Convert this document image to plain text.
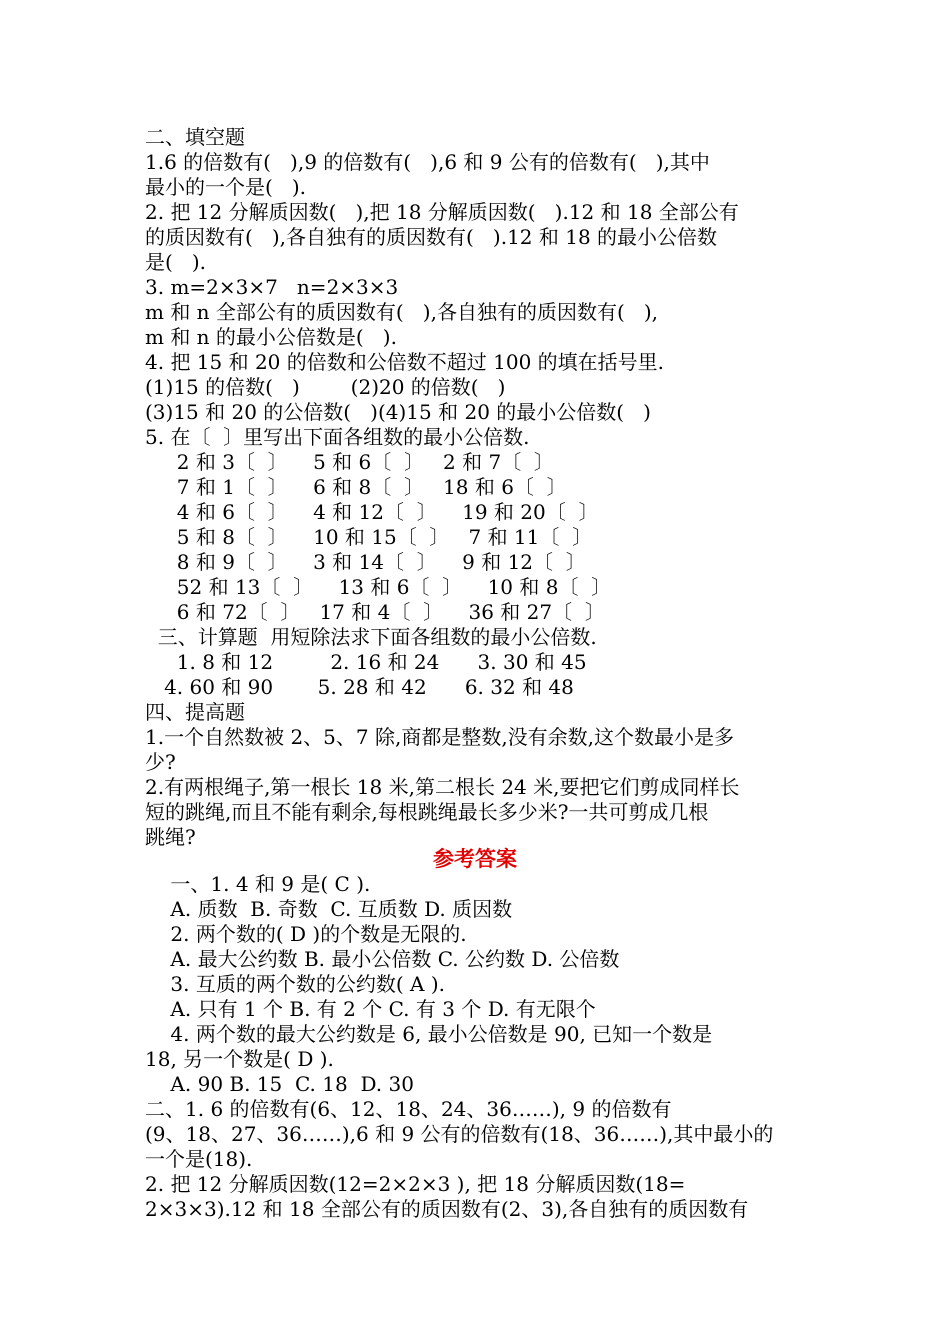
二、填空题
1.6 的倍数有(   ),9 的倍数有(   ),6 和 9 公有的倍数有(   ),其中
最小的一个是(   ).
2. 把 12 分解质因数(   ),把 18 分解质因数(   ).12 和 18 全部公有
的质因数有(   ),各自独有的质因数有(   ).12 和 18 的最小公倍数
是(   ).
3. m=2×3×7   n=2×3×3
m 和 n 全部公有的质因数有(   ),各自独有的质因数有(   ),
m 和 n 的最小公倍数是(   ).
4. 把 15 和 20 的倍数和公倍数不超过 100 的填在括号里.
(1)15 的倍数(   )        (2)20 的倍数(   )
(3)15 和 20 的公倍数(   )(4)15 和 20 的最小公倍数(   )
5. 在〔  〕里写出下面各组数的最小公倍数.
2 和 3〔  〕    5 和 6〔  〕   2 和 7〔  〕
7 和 1〔  〕    6 和 8〔  〕   18 和 6〔  〕
4 和 6〔  〕    4 和 12〔  〕    19 和 20〔  〕
5 和 8〔  〕    10 和 15〔  〕   7 和 11〔  〕
8 和 9〔  〕    3 和 14〔  〕    9 和 12〔  〕
52 和 13〔  〕    13 和 6〔  〕    10 和 8〔  〕
6 和 72〔  〕   17 和 4〔  〕    36 和 27〔  〕
三、计算题  用短除法求下面各组数的最小公倍数.
1. 8 和 12         2. 16 和 24      3. 30 和 45
4. 60 和 90       5. 28 和 42      6. 32 和 48
四、提高题
1.一个自然数被 2、5、7 除,商都是整数,没有余数,这个数最小是多
少?
2.有两根绳子,第一根长 18 米,第二根长 24 米,要把它们剪成同样长
短的跳绳,而且不能有剩余,每根跳绳最长多少米?一共可剪成几根
跳绳?
参考答案
一、1. 4 和 9 是( C ).
A. 质数  B. 奇数  C. 互质数 D. 质因数
2. 两个数的( D )的个数是无限的.
A. 最大公约数 B. 最小公倍数 C. 公约数 D. 公倍数
3. 互质的两个数的公约数( A ).
A. 只有 1 个 B. 有 2 个 C. 有 3 个 D. 有无限个
4. 两个数的最大公约数是 6, 最小公倍数是 90, 已知一个数是
18, 另一个数是( D ).
A. 90 B. 15  C. 18  D. 30
二、1. 6 的倍数有(6、12、18、24、36……), 9 的倍数有
(9、18、27、36……),6 和 9 公有的倍数有(18、36……),其中最小的
一个是(18).
2. 把 12 分解质因数(12=2×2×3 ), 把 18 分解质因数(18=
2×3×3).12 和 18 全部公有的质因数有(2、3),各自独有的质因数有
